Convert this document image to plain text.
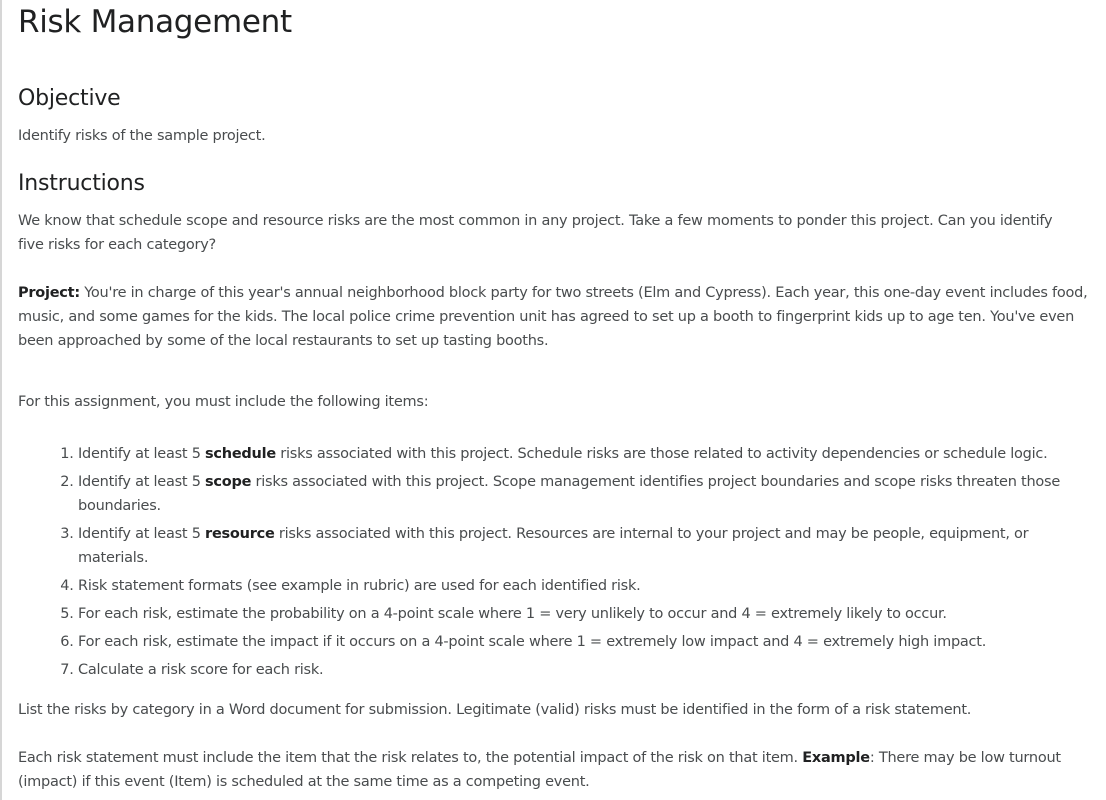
Risk Management
Objective

Identify risks of the sample project.

Instructions

We know that schedule scope and resource risks are the most common in any project. Take a few moments to ponder this project. Can you identify five risks for each category?

Project: You're in charge of this year's annual neighborhood block party for two streets (Elm and Cypress). Each year, this one-day event includes food, music, and some games for the kids. The local police crime prevention unit has agreed to set up a booth to fingerprint kids up to age ten. You've even been approached by some of the local restaurants to set up tasting booths.

For this assignment, you must include the following items:

1. Identify at least 5 schedule risks associated with this project. Schedule risks are those related to activity dependencies or schedule logic.
2. Identify at least 5 scope risks associated with this project. Scope management identifies project boundaries and scope risks threaten those boundaries.
3. Identify at least 5 resource risks associated with this project. Resources are internal to your project and may be people, equipment, or materials.
4. Risk statement formats (see example in rubric) are used for each identified risk.
5. For each risk, estimate the probability on a 4-point scale where 1 = very unlikely to occur and 4 = extremely likely to occur.
6. For each risk, estimate the impact if it occurs on a 4-point scale where 1 = extremely low impact and 4 = extremely high impact.
7. Calculate a risk score for each risk.

List the risks by category in a Word document for submission. Legitimate (valid) risks must be identified in the form of a risk statement.

Each risk statement must include the item that the risk relates to, the potential impact of the risk on that item. Example: There may be low turnout (impact) if this event (Item) is scheduled at the same time as a competing event.
